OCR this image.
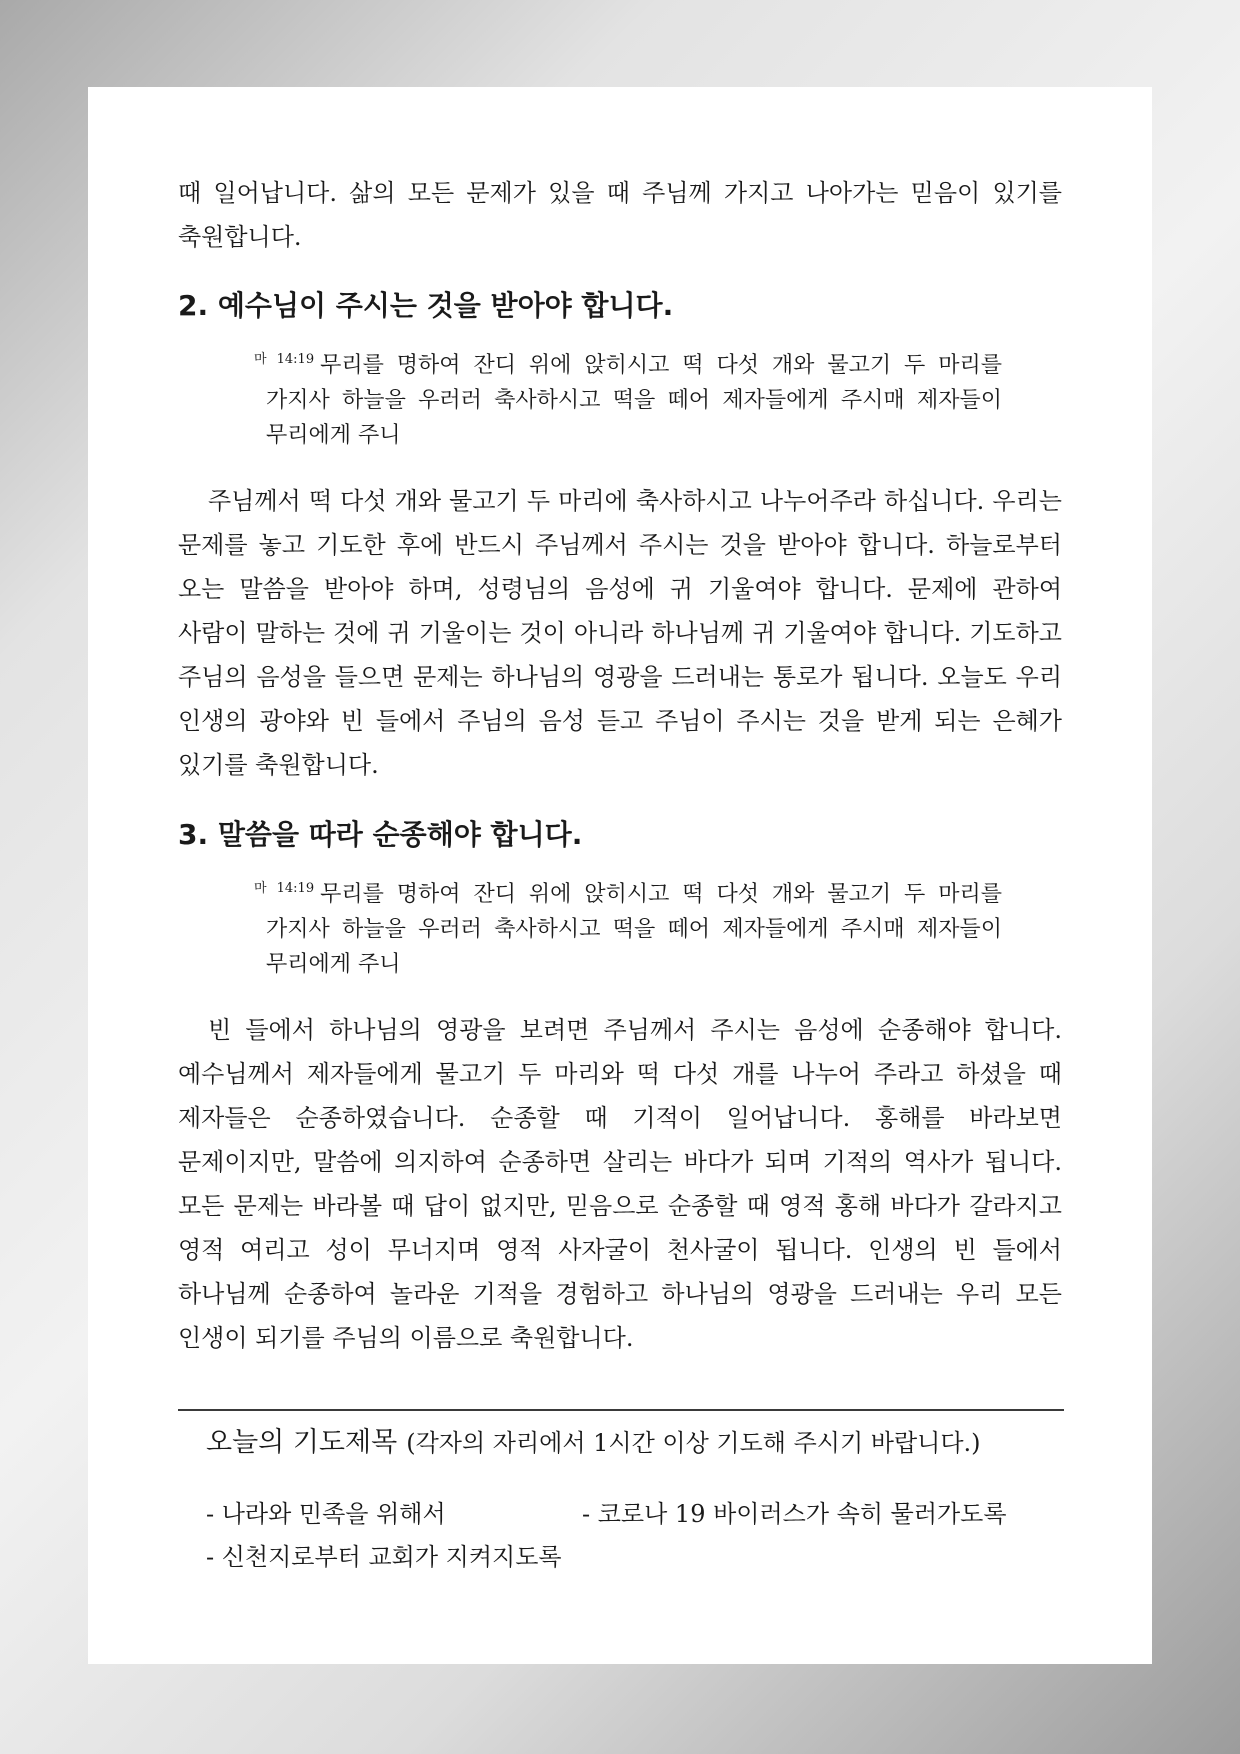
때 일어납니다. 삶의 모든 문제가 있을 때 주님께 가지고 나아가는 믿음이 있기를 축원합니다.

2. 예수님이 주시는 것을 받아야 합니다.

$^{마 14:19}$ 무리를 명하여 잔디 위에 앉히시고 떡 다섯 개와 물고기 두 마리를 가지사 하늘을 우러러 축사하시고 떡을 떼어 제자들에게 주시매 제자들이 무리에게 주니

주님께서 떡 다섯 개와 물고기 두 마리에 축사하시고 나누어주라 하십니다. 우리는 문제를 놓고 기도한 후에 반드시 주님께서 주시는 것을 받아야 합니다. 하늘로부터 오는 말씀을 받아야 하며, 성령님의 음성에 귀 기울여야 합니다. 문제에 관하여 사람이 말하는 것에 귀 기울이는 것이 아니라 하나님께 귀 기울여야 합니다. 기도하고 주님의 음성을 들으면 문제는 하나님의 영광을 드러내는 통로가 됩니다. 오늘도 우리 인생의 광야와 빈 들에서 주님의 음성 듣고 주님이 주시는 것을 받게 되는 은혜가 있기를 축원합니다.

3. 말씀을 따라 순종해야 합니다.

$^{마 14:19}$ 무리를 명하여 잔디 위에 앉히시고 떡 다섯 개와 물고기 두 마리를 가지사 하늘을 우러러 축사하시고 떡을 떼어 제자들에게 주시매 제자들이 무리에게 주니

빈 들에서 하나님의 영광을 보려면 주님께서 주시는 음성에 순종해야 합니다. 예수님께서 제자들에게 물고기 두 마리와 떡 다섯 개를 나누어 주라고 하셨을 때 제자들은 순종하였습니다. 순종할 때 기적이 일어납니다. 홍해를 바라보면 문제이지만, 말씀에 의지하여 순종하면 살리는 바다가 되며 기적의 역사가 됩니다. 모든 문제는 바라볼 때 답이 없지만, 믿음으로 순종할 때 영적 홍해 바다가 갈라지고 영적 여리고 성이 무너지며 영적 사자굴이 천사굴이 됩니다. 인생의 빈 들에서 하나님께 순종하여 놀라운 기적을 경험하고 하나님의 영광을 드러내는 우리 모든 인생이 되기를 주님의 이름으로 축원합니다.

오늘의 기도제목 (각자의 자리에서 1시간 이상 기도해 주시기 바랍니다.)
- 나라와 민족을 위해서	- 코로나 19 바이러스가 속히 물러가도록
- 신천지로부터 교회가 지켜지도록
